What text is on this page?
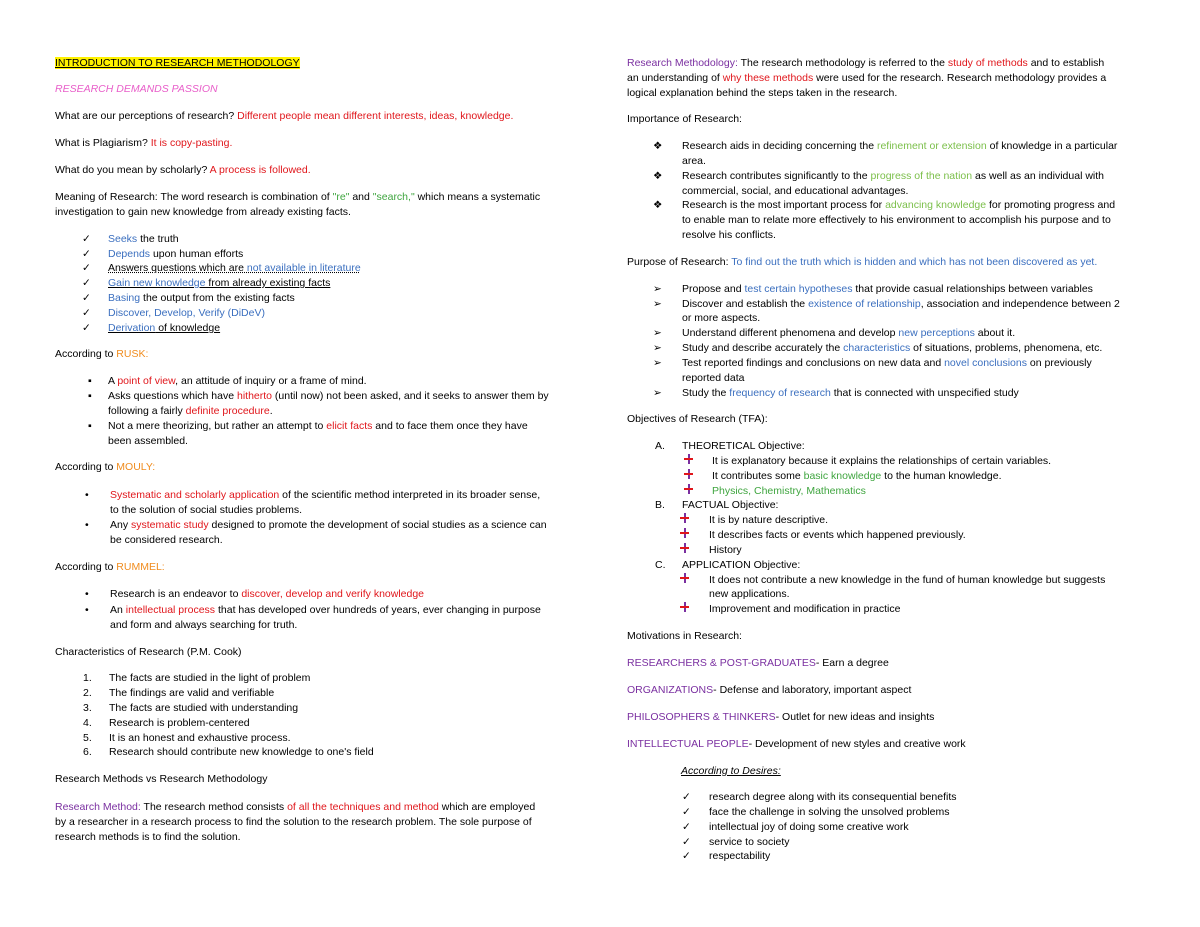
INTRODUCTION TO RESEARCH METHODOLOGY
RESEARCH DEMANDS PASSION
What are our perceptions of research? Different people mean different interests, ideas, knowledge.
What is Plagiarism? It is copy-pasting.
What do you mean by scholarly? A process is followed.
Meaning of Research: The word research is combination of "re" and "search," which means a systematic
investigation to gain new knowledge from already existing facts.
✓	Seeks the truth
✓	Depends upon human efforts
✓	Answers questions which are not available in literature
✓	Gain new knowledge from already existing facts
✓	Basing the output from the existing facts
✓	Discover, Develop, Verify (DiDeV)
✓	Derivation of knowledge
According to RUSK:
▪	A point of view, an attitude of inquiry or a frame of mind.
▪	Asks questions which have hitherto (until now) not been asked, and it seeks to answer them by
following a fairly definite procedure.
▪	Not a mere theorizing, but rather an attempt to elicit facts and to face them once they have
been assembled.
According to MOULY:
•	Systematic and scholarly application of the scientific method interpreted in its broader sense,
to the solution of social studies problems.
•	Any systematic study designed to promote the development of social studies as a science can
be considered research.
According to RUMMEL:
•	Research is an endeavor to discover, develop and verify knowledge
•	An intellectual process that has developed over hundreds of years, ever changing in purpose
and form and always searching for truth.
Characteristics of Research (P.M. Cook)
1.	The facts are studied in the light of problem
2.	The findings are valid and verifiable
3.	The facts are studied with understanding
4.	Research is problem-centered
5.	It is an honest and exhaustive process.
6.	Research should contribute new knowledge to one's field
Research Methods vs Research Methodology
Research Method: The research method consists of all the techniques and method which are employed
by a researcher in a research process to find the solution to the research problem. The sole purpose of
research methods is to find the solution.
Research Methodology: The research methodology is referred to the study of methods and to establish
an understanding of why these methods were used for the research. Research methodology provides a
logical explanation behind the steps taken in the research.
Importance of Research:
❖	Research aids in deciding concerning the refinement or extension of knowledge in a particular
area.
❖	Research contributes significantly to the progress of the nation as well as an individual with
commercial, social, and educational advantages.
❖	Research is the most important process for advancing knowledge for promoting progress and
to enable man to relate more effectively to his environment to accomplish his purpose and to
resolve his conflicts.
Purpose of Research: To find out the truth which is hidden and which has not been discovered as yet.
➢	Propose and test certain hypotheses that provide casual relationships between variables
➢	Discover and establish the existence of relationship, association and independence between 2
or more aspects.
➢	Understand different phenomena and develop new perceptions about it.
➢	Study and describe accurately the characteristics of situations, problems, phenomena, etc.
➢	Test reported findings and conclusions on new data and novel conclusions on previously
reported data
➢	Study the frequency of research that is connected with unspecified study
Objectives of Research (TFA):
A.	THEORETICAL Objective:
It is explanatory because it explains the relationships of certain variables.
It contributes some basic knowledge to the human knowledge.
Physics, Chemistry, Mathematics
B.	FACTUAL Objective:
It is by nature descriptive.
It describes facts or events which happened previously.
History
C.	APPLICATION Objective:
It does not contribute a new knowledge in the fund of human knowledge but suggests
new applications.
Improvement and modification in practice
Motivations in Research:
RESEARCHERS & POST-GRADUATES- Earn a degree
ORGANIZATIONS- Defense and laboratory, important aspect
PHILOSOPHERS & THINKERS- Outlet for new ideas and insights
INTELLECTUAL PEOPLE- Development of new styles and creative work
According to Desires:
✓	research degree along with its consequential benefits
✓	face the challenge in solving the unsolved problems
✓	intellectual joy of doing some creative work
✓	service to society
✓	respectability
